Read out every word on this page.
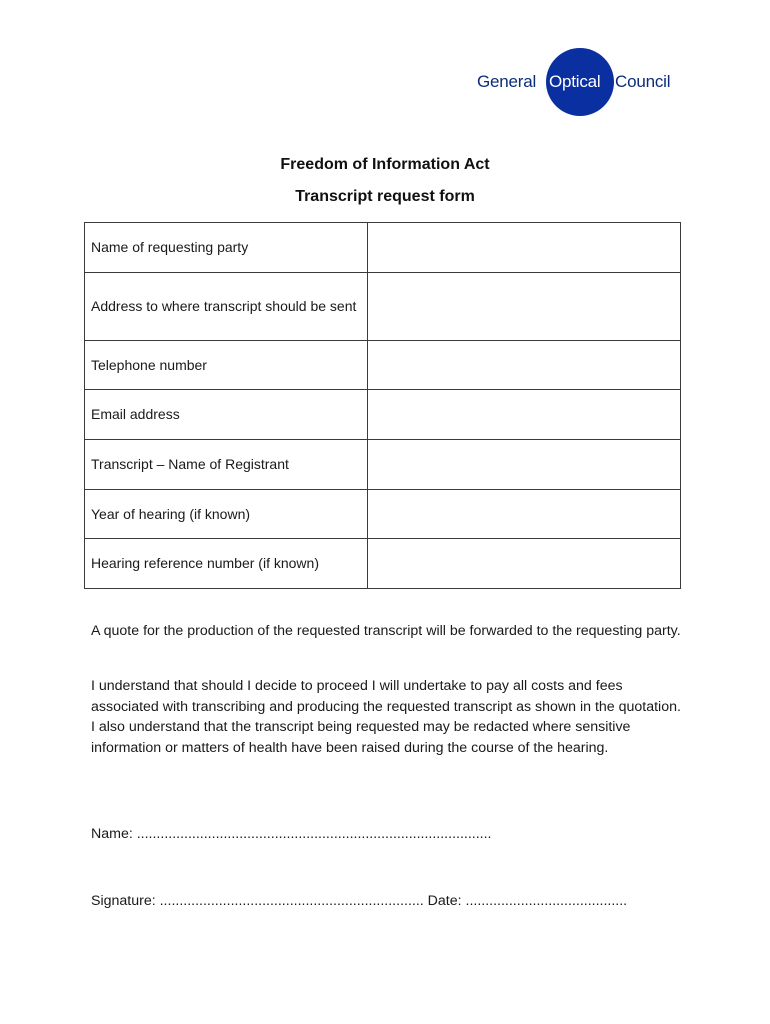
General Optical Council
Freedom of Information Act
Transcript request form
Name of requesting party	
Address to where transcript should be sent	
Telephone number	
Email address	
Transcript – Name of Registrant	
Year of hearing (if known)	
Hearing reference number (if known)	

A quote for the production of the requested transcript will be forwarded to the requesting party.

I understand that should I decide to proceed I will undertake to pay all costs and fees associated with transcribing and producing the requested transcript as shown in the quotation. I also understand that the transcript being requested may be redacted where sensitive information or matters of health have been raised during the course of the hearing.

Name: ..........................................................................................
Signature: ................................................................... Date: .........................................
